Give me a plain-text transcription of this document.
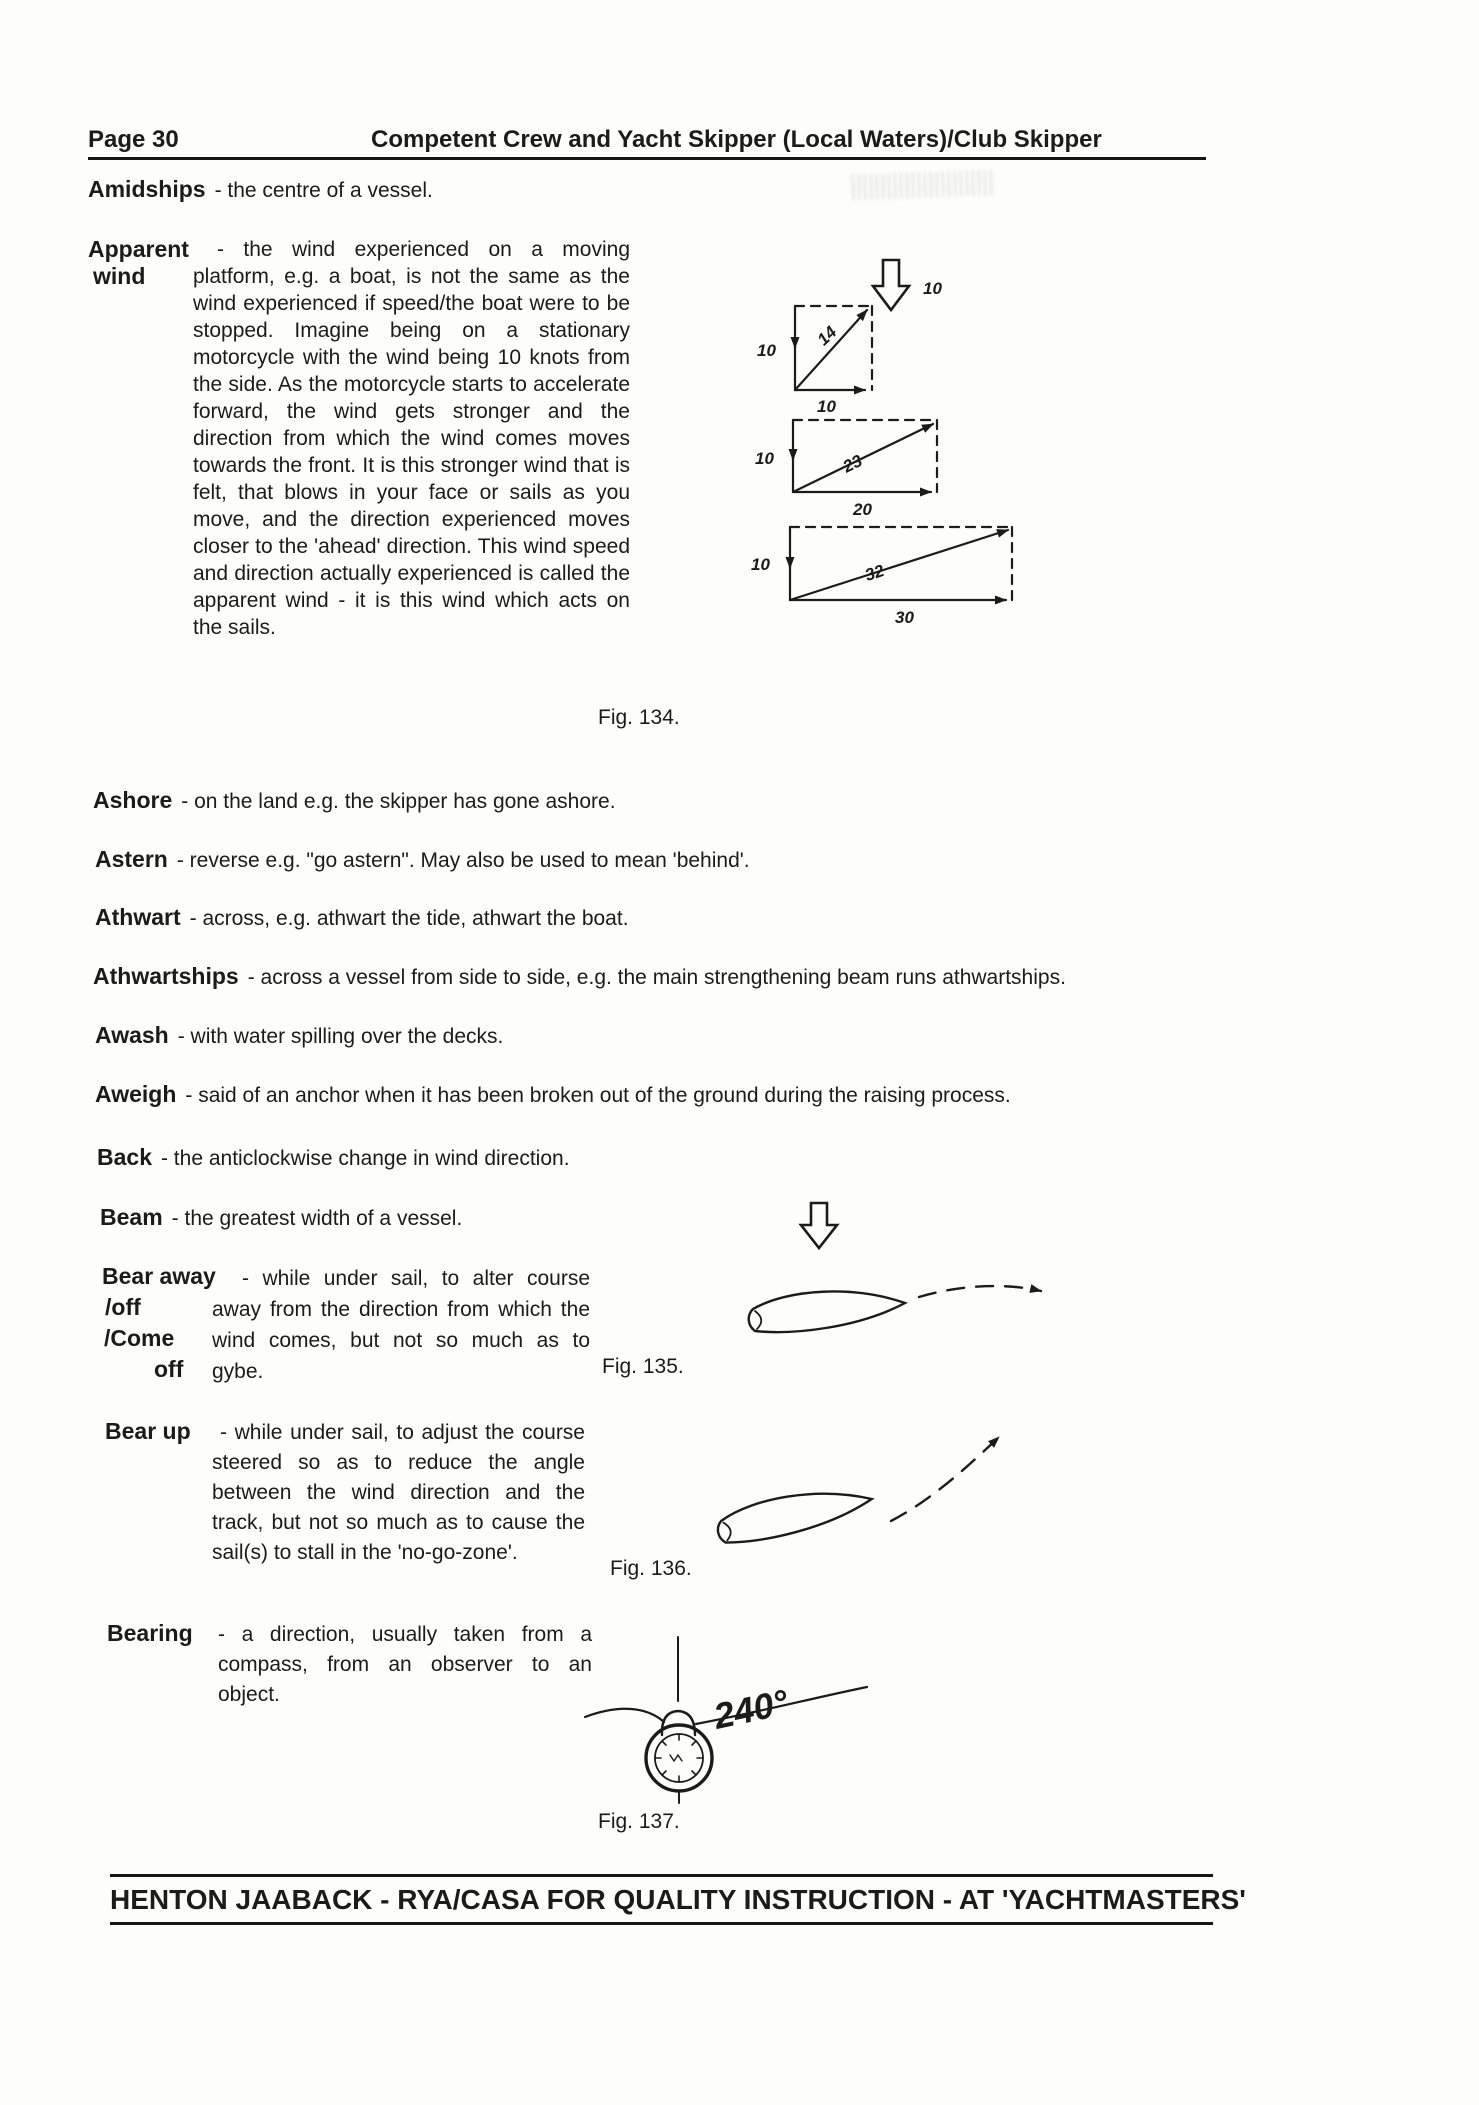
Page 30	Competent Crew and Yacht Skipper (Local Waters)/Club Skipper
Amidships - the centre of a vessel.
Apparent
wind

- the wind experienced on a moving platform, e.g. a boat, is not the same as the wind experienced if speed/the boat were to be stopped. Imagine being on a stationary motorcycle with the wind being 10 knots from the side. As the motorcycle starts to accelerate forward, the wind gets stronger and the direction from which the wind comes moves towards the front. It is this stronger wind that is felt, that blows in your face or sails as you move, and the direction experienced moves closer to the 'ahead' direction. This wind speed and direction actually experienced is called the apparent wind - it is this wind which acts on the sails.

Fig. 134.
10
10
14
10
10	23
20
10	32
30
Ashore - on the land e.g. the skipper has gone ashore.
Astern - reverse e.g. "go astern". May also be used to mean 'behind'.
Athwart - across, e.g. athwart the tide, athwart the boat.
Athwartships - across a vessel from side to side, e.g. the main strengthening beam runs athwartships.
Awash - with water spilling over the decks.
Aweigh - said of an anchor when it has been broken out of the ground during the raising process.
Back - the anticlockwise change in wind direction.
Beam - the greatest width of a vessel.
Bear away
/off
/Come
off

- while under sail, to alter course away from the direction from which the wind comes, but not so much as to gybe.	Fig. 135.
Bear up	- while under sail, to adjust the course steered so as to reduce the angle between the wind direction and the track, but not so much as to cause the sail(s) to stall in the 'no-go-zone'.

Fig. 136.
Bearing - a direction, usually taken from a compass, from an observer to an object.	240°
Fig. 137.
HENTON JAABACK - RYA/CASA FOR QUALITY INSTRUCTION - AT 'YACHTMASTERS'
